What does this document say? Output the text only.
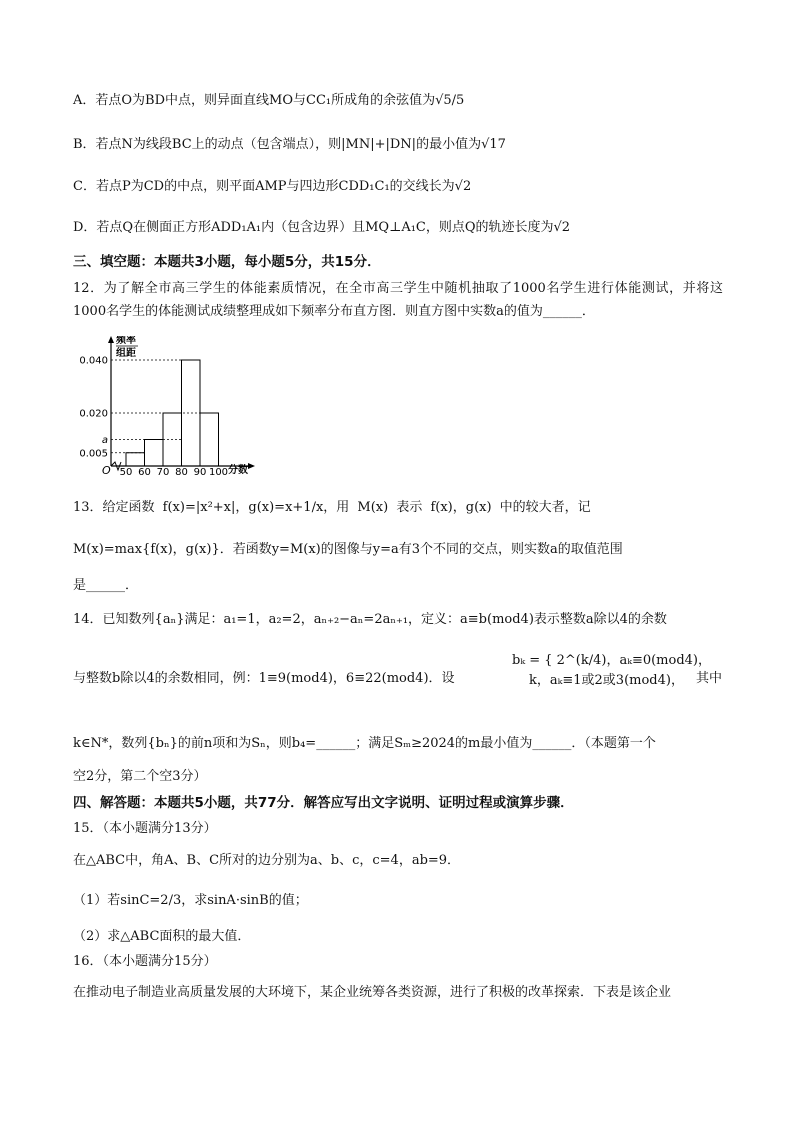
A．若点O为BD中点，则异面直线MO与CC₁所成角的余弦值为√5/5
B．若点N为线段BC上的动点（包含端点），则|MN|+|DN|的最小值为√17
C．若点P为CD的中点，则平面AMP与四边形CDD₁C₁的交线长为√2
D．若点Q在侧面正方形ADD₁A₁内（包含边界）且MQ⊥A₁C，则点Q的轨迹长度为√2
三、填空题：本题共3小题，每小题5分，共15分．
12．为了解全市高三学生的体能素质情况，在全市高三学生中随机抽取了1000名学生进行体能测试，并将这1000名学生的体能测试成绩整理成如下频率分布直方图．则直方图中实数a的值为______．
频率
组距
分数
O
0.040
0.020
a
0.005
50 60 70 80 90 100
13．给定函数 f(x)=|x²+x|，g(x)=x+1/x，用 M(x) 表示 f(x)，g(x) 中的较大者，记
M(x)=max{f(x)，g(x)}．若函数y=M(x)的图像与y=a有3个不同的交点，则实数a的取值范围
是______．
14．已知数列{aₙ}满足：a₁=1，a₂=2，aₙ₊₂−aₙ=2aₙ₊₁，定义：a≡b(mod4)表示整数a除以4的余数
与整数b除以4的余数相同，例：1≡9(mod4)，6≡22(mod4)．设
bₖ = { 2^(k/4)，aₖ≡0(mod4)，
k，aₖ≡1或2或3(mod4)， 其中
k∈N*，数列{bₙ}的前n项和为Sₙ，则b₄=______；满足Sₘ≥2024的m最小值为______．（本题第一个
空2分，第二个空3分）
四、解答题：本题共5小题，共77分．解答应写出文字说明、证明过程或演算步骤．
15．（本小题满分13分）
在△ABC中，角A、B、C所对的边分别为a、b、c，c=4，ab=9．
（1）若sinC=2/3，求sinA·sinB的值；
（2）求△ABC面积的最大值．
16．（本小题满分15分）
在推动电子制造业高质量发展的大环境下，某企业统筹各类资源，进行了积极的改革探索．下表是该企业
